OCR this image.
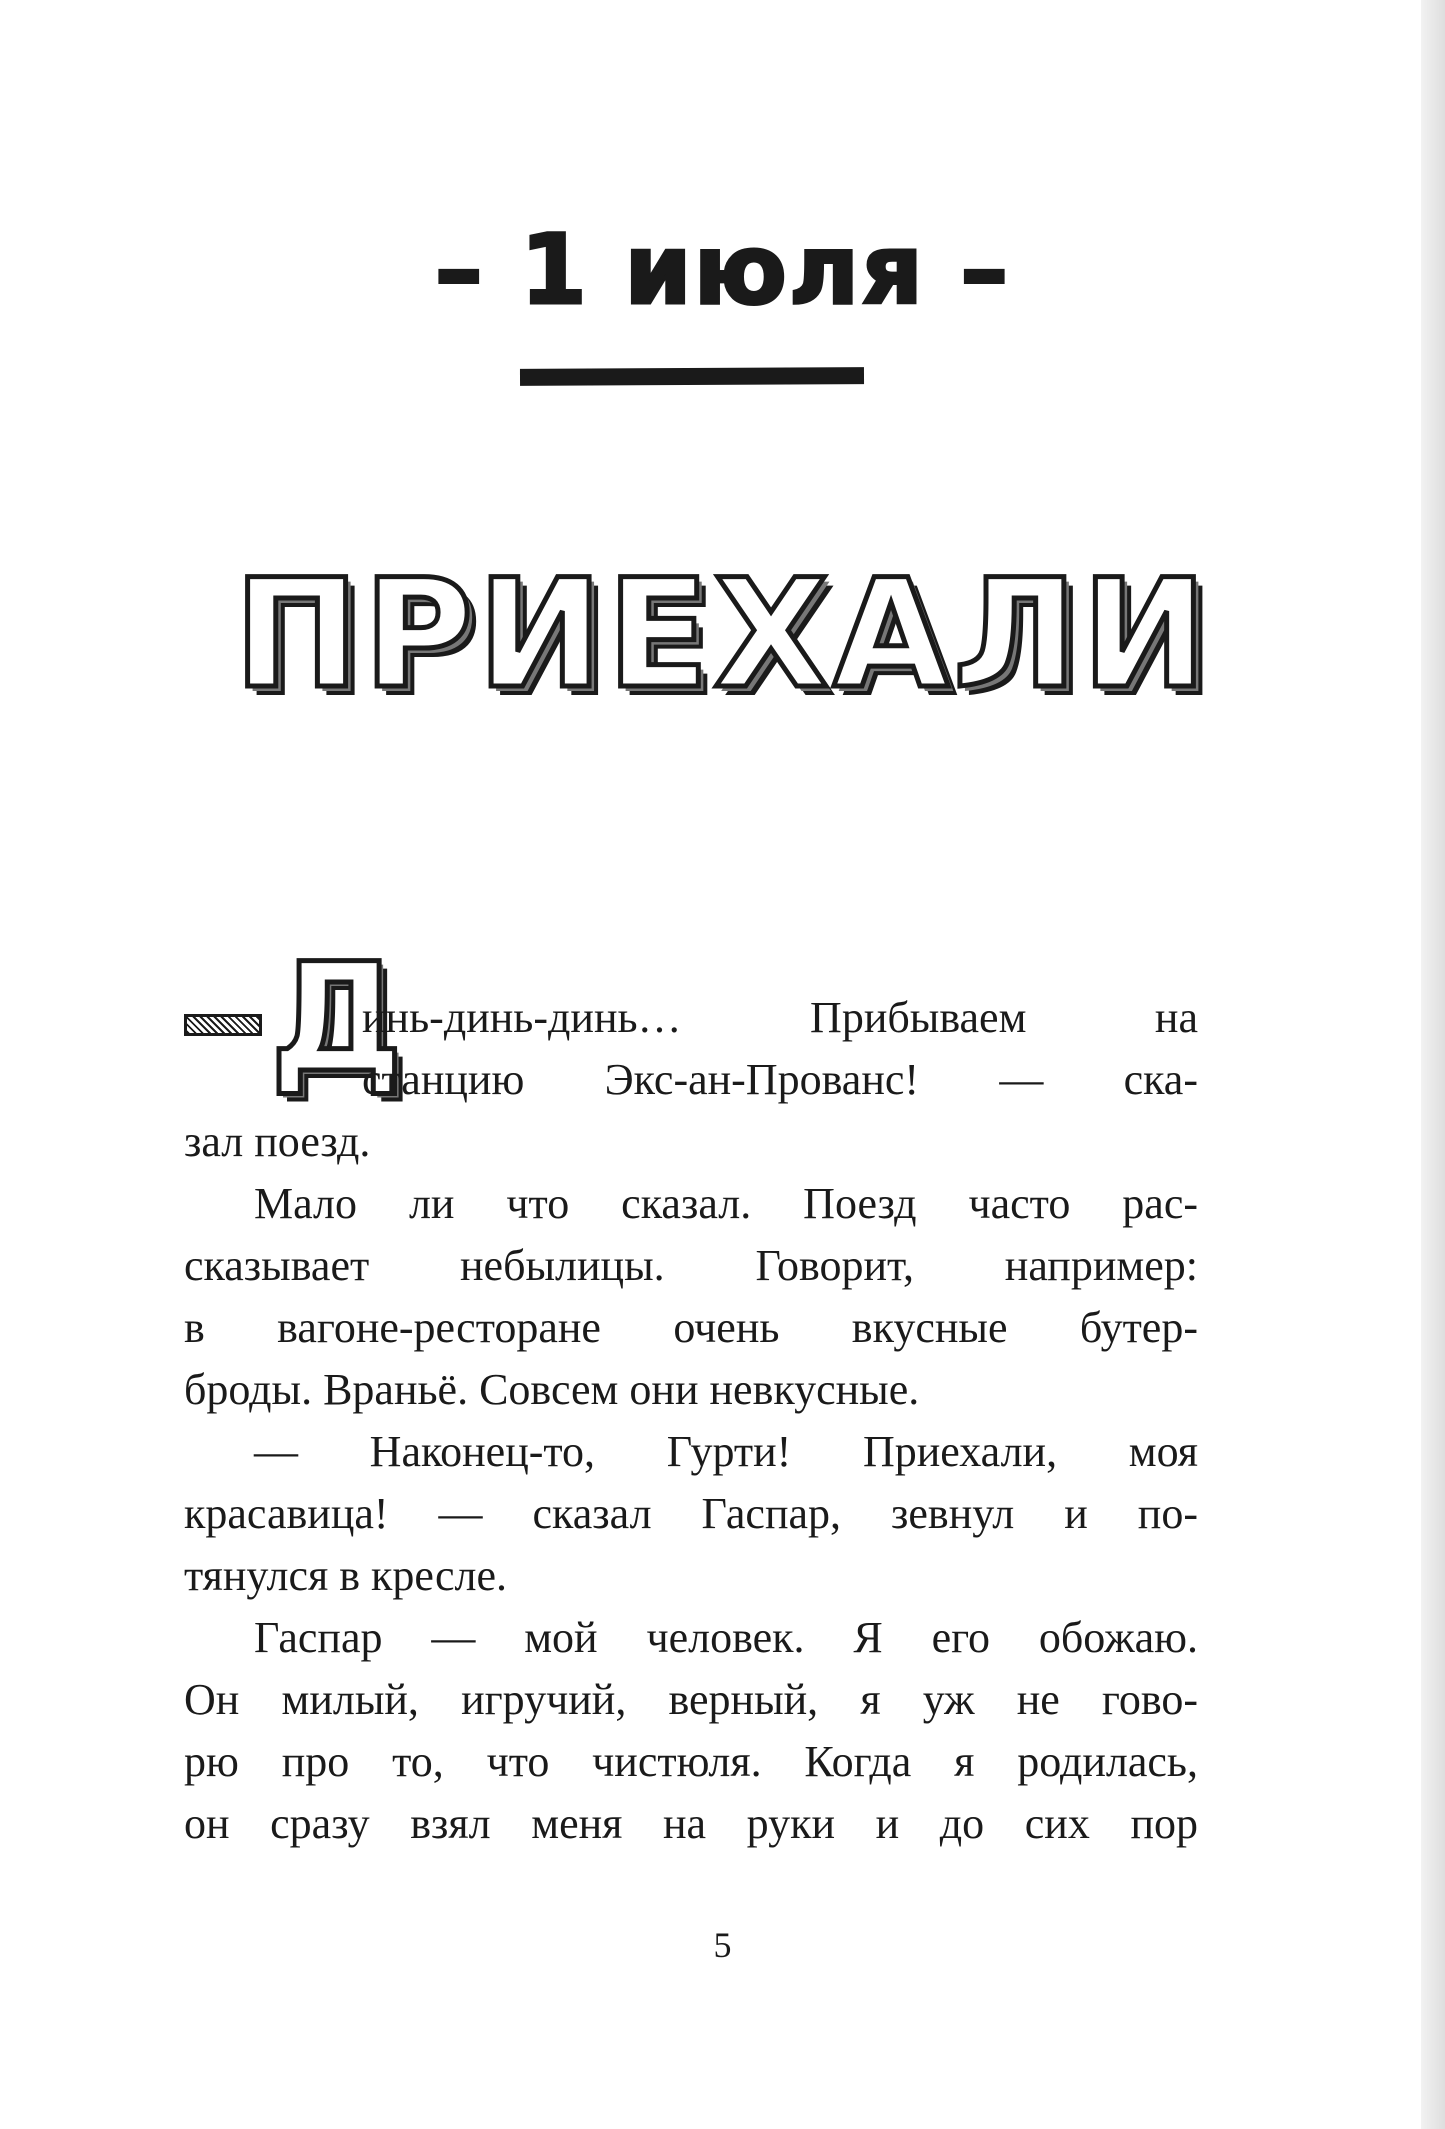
– 1 июля –
ПРИЕХАЛИ
Д
инь-динь-динь… Прибываем на
станцию Экс-ан-Прованс! — ска-
зал поезд.
Мало ли что сказал. Поезд часто рас-
сказывает небылицы. Говорит, например:
в вагоне-ресторане очень вкусные бутер-
броды. Враньё. Совсем они невкусные.
— Наконец-то, Гурти! Приехали, моя
красавица! — сказал Гаспар, зевнул и по-
тянулся в кресле.
Гаспар — мой человек. Я его обожаю.
Он милый, игручий, верный, я уж не гово-
рю про то, что чистюля. Когда я родилась,
он сразу взял меня на руки и до сих пор
5
